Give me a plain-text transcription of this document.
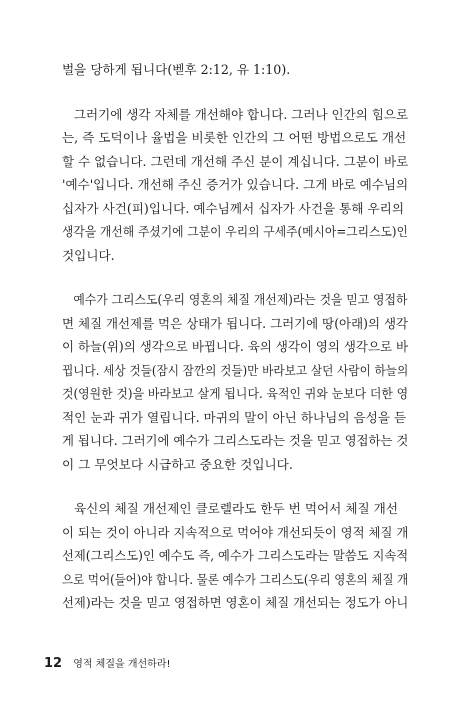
벌을 당하게 됩니다(벧후 2:12, 유 1:10).
그러기에 생각 자체를 개선해야 합니다. 그러나 인간의 힘으로
는, 즉 도덕이나 율법을 비롯한 인간의 그 어떤 방법으로도 개선
할 수 없습니다. 그런데 개선해 주신 분이 계십니다. 그분이 바로
'예수'입니다. 개선해 주신 증거가 있습니다. 그게 바로 예수님의
십자가 사건(피)입니다. 예수님께서 십자가 사건을 통해 우리의
생각을 개선해 주셨기에 그분이 우리의 구세주(메시아=그리스도)인
것입니다.
예수가 그리스도(우리 영혼의 체질 개선제)라는 것을 믿고 영접하
면 체질 개선제를 먹은 상태가 됩니다. 그러기에 땅(아래)의 생각
이 하늘(위)의 생각으로 바뀝니다. 육의 생각이 영의 생각으로 바
뀝니다. 세상 것들(잠시 잠깐의 것들)만 바라보고 살던 사람이 하늘의
것(영원한 것)을 바라보고 살게 됩니다. 육적인 귀와 눈보다 더한 영
적인 눈과 귀가 열립니다. 마귀의 말이 아닌 하나님의 음성을 듣
게 됩니다. 그러기에 예수가 그리스도라는 것을 믿고 영접하는 것
이 그 무엇보다 시급하고 중요한 것입니다.
육신의 체질 개선제인 클로렐라도 한두 번 먹어서 체질 개선
이 되는 것이 아니라 지속적으로 먹어야 개선되듯이 영적 체질 개
선제(그리스도)인 예수도 즉, 예수가 그리스도라는 말씀도 지속적
으로 먹어(들어)야 합니다. 물론 예수가 그리스도(우리 영혼의 체질 개
선제)라는 것을 믿고 영접하면 영혼이 체질 개선되는 정도가 아니
12 영적 체질을 개선하라!
